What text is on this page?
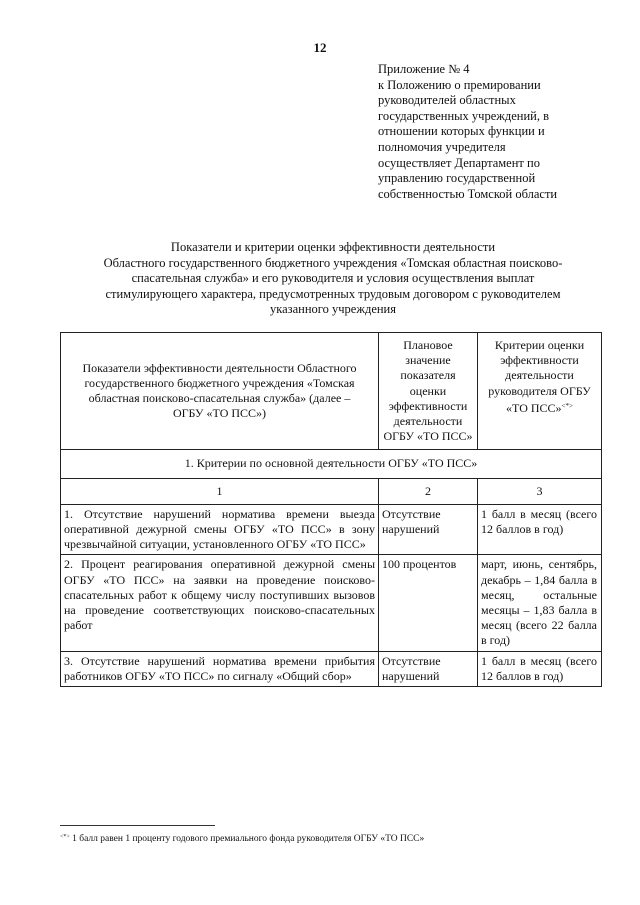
12
Приложение № 4
к Положению о премировании
руководителей областных
государственных учреждений, в
отношении которых функции и
полномочия учредителя
осуществляет Департамент по
управлению государственной
собственностью Томской области
Показатели и критерии оценки эффективности деятельности
Областного государственного бюджетного учреждения «Томская областная поисково-
спасательная служба» и его руководителя и условия осуществления выплат
стимулирующего характера, предусмотренных трудовым договором с руководителем
указанного учреждения
Показатели эффективности деятельности Областного государственного бюджетного учреждения «Томская областная поисково-спасательная служба» (далее – ОГБУ «ТО ПСС»)	Плановое значение показателя оценки эффективности деятельности ОГБУ «ТО ПСС»	Критерии оценки эффективности деятельности руководителя ОГБУ «ТО ПСС»<*>
1. Критерии по основной деятельности ОГБУ «ТО ПСС»		
1	2	3
1. Отсутствие нарушений норматива времени выезда оперативной дежурной смены ОГБУ «ТО ПСС» в зону чрезвычайной ситуации, установленного ОГБУ «ТО ПСС»	Отсутствие нарушений	1 балл в месяц (всего 12 баллов в год)
2. Процент реагирования оперативной дежурной смены ОГБУ «ТО ПСС» на заявки на проведение поисково-спасательных работ к общему числу поступивших вызовов на проведение соответствующих поисково-спасательных работ	100 процентов	март, июнь, сентябрь, декабрь – 1,84 балла в месяц, остальные месяцы – 1,83 балла в месяц (всего 22 балла в год)
3. Отсутствие нарушений норматива времени прибытия работников ОГБУ «ТО ПСС» по сигналу «Общий сбор»	Отсутствие нарушений	1 балл в месяц (всего 12 баллов в год)
<*> 1 балл равен 1 проценту годового премиального фонда руководителя ОГБУ «ТО ПСС»
